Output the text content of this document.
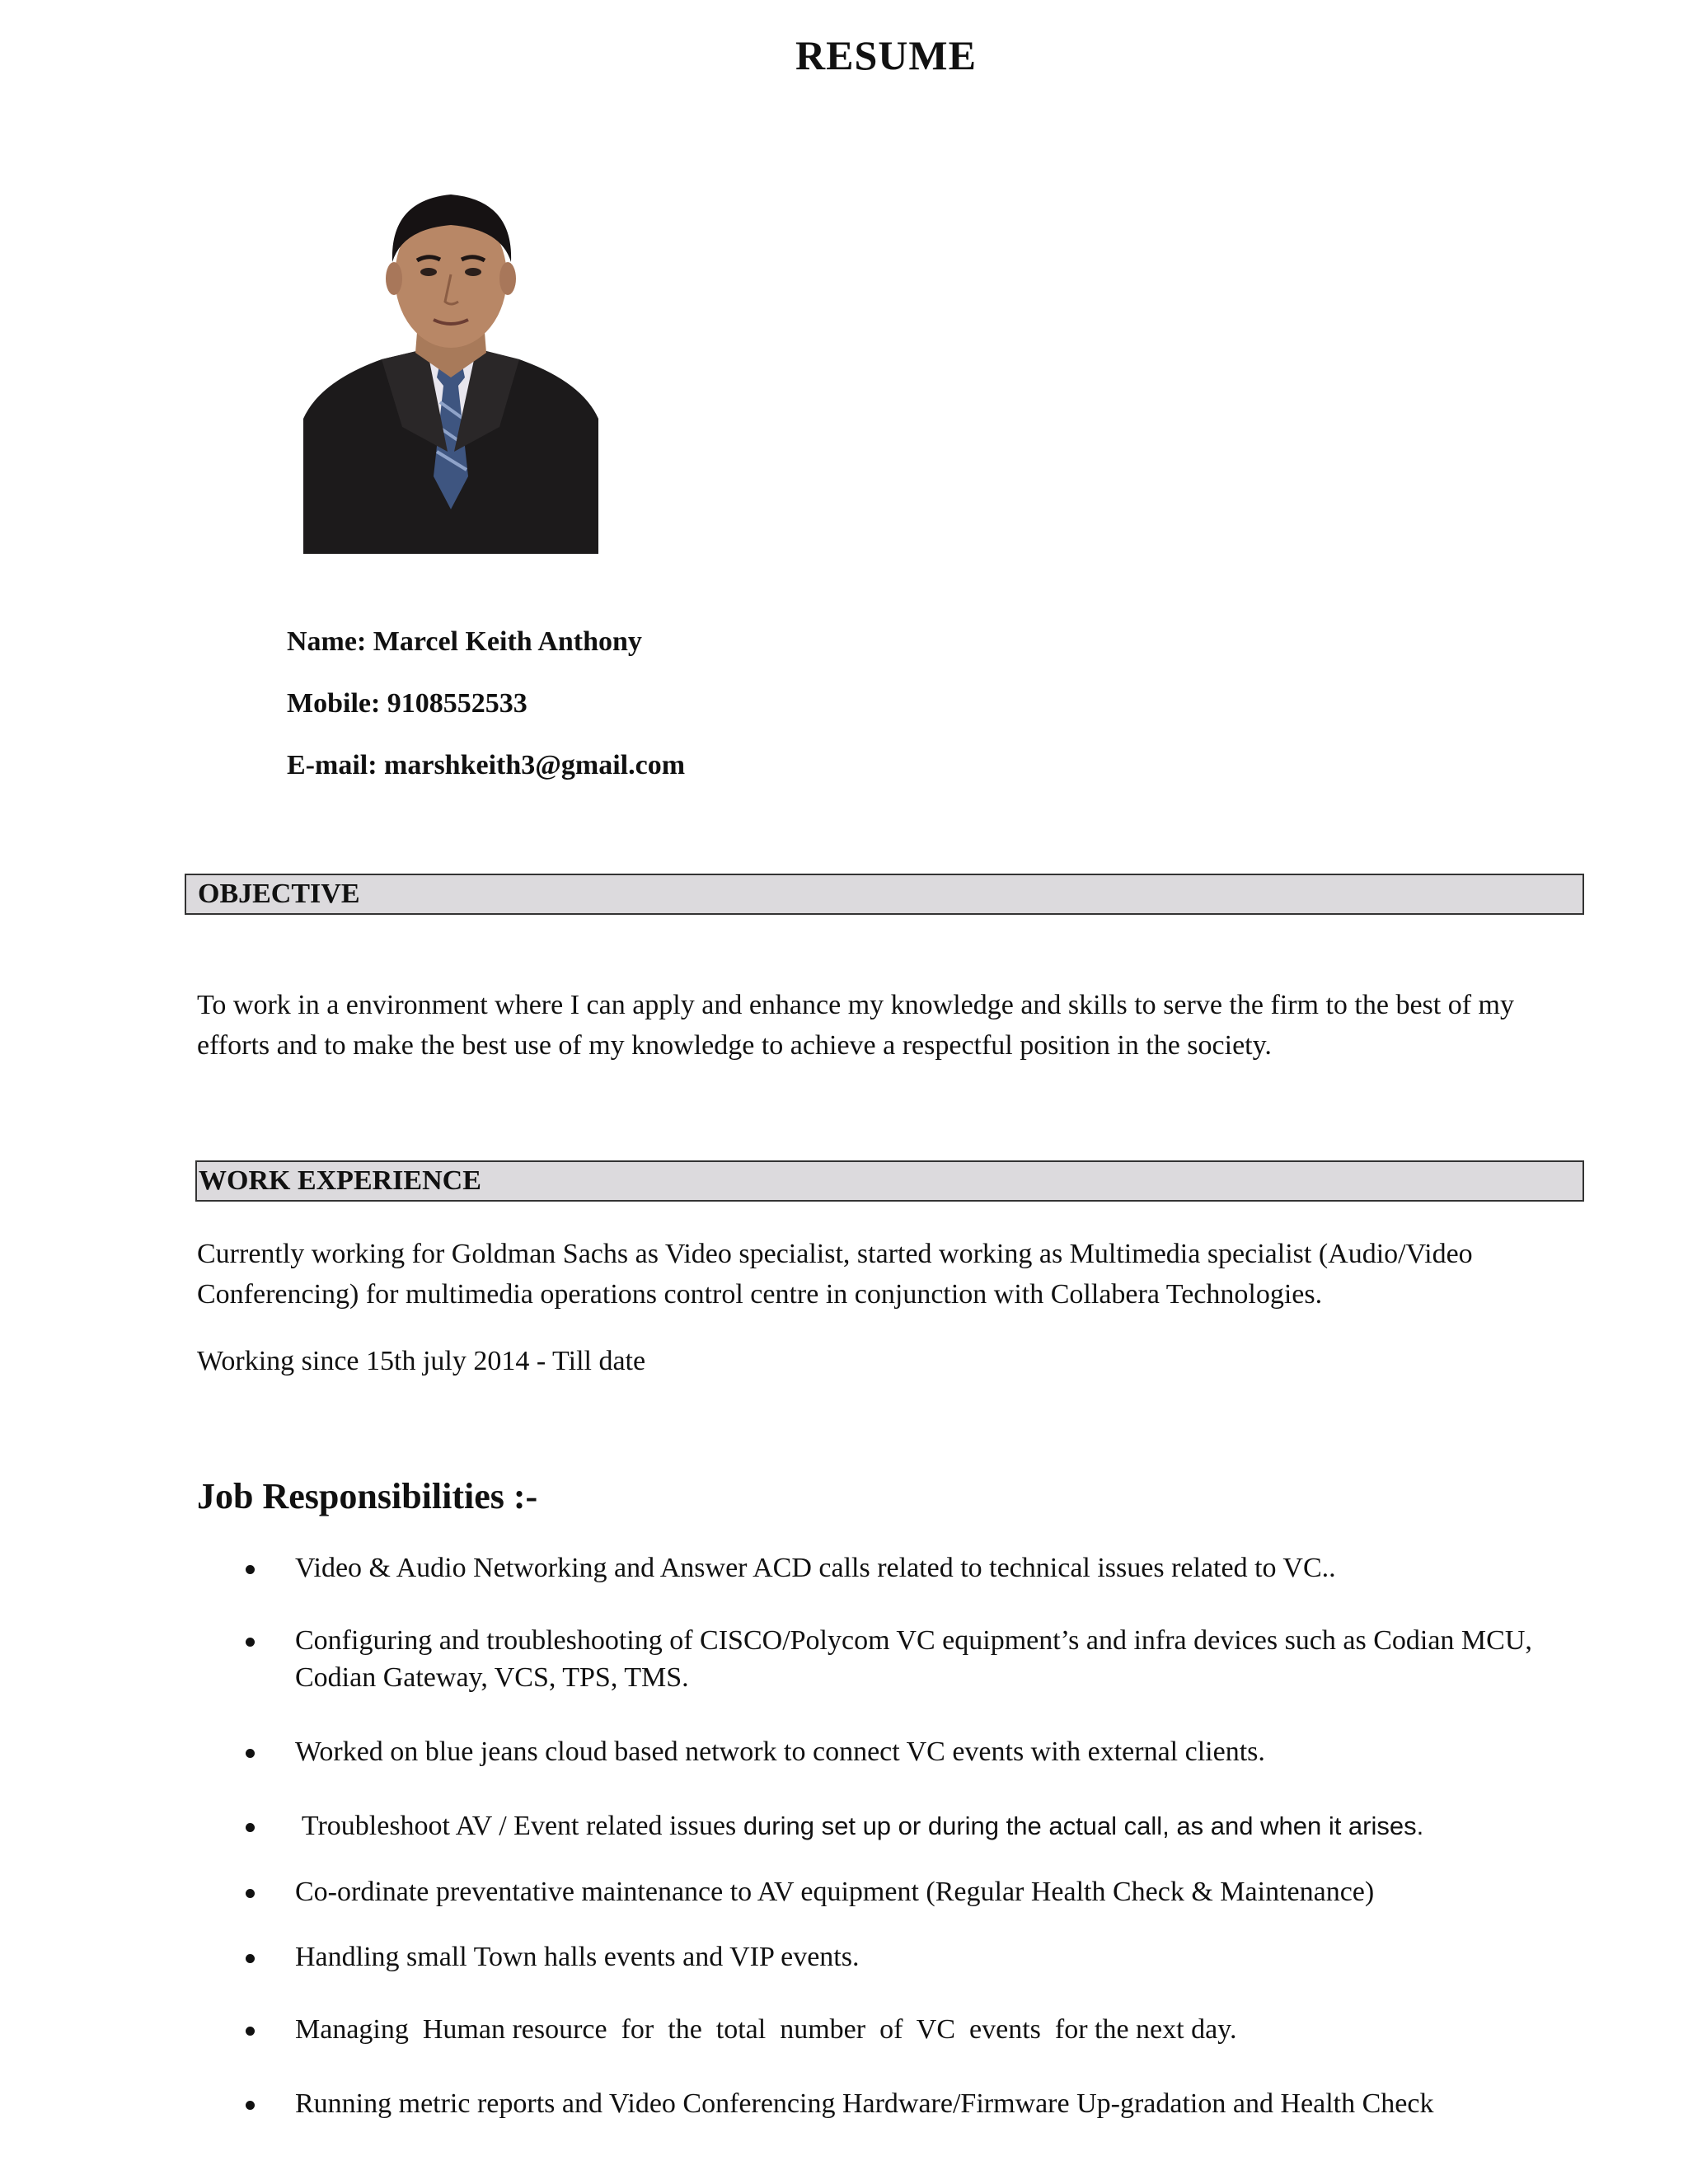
RESUME
Name: Marcel Keith Anthony
Mobile: 9108552533
E-mail: marshkeith3@gmail.com
OBJECTIVE
To work in a environment where I can apply and enhance my knowledge and skills to serve the firm to the best of my efforts and to make the best use of my knowledge to achieve a respectful position in the society.
WORK EXPERIENCE
Currently working for Goldman Sachs as Video specialist, started working as Multimedia specialist (Audio/Video Conferencing) for multimedia operations control centre in conjunction with Collabera Technologies.
Working since 15th july 2014 - Till date
Job Responsibilities :-
Video & Audio Networking and Answer ACD calls related to technical issues related to VC..
Configuring and troubleshooting of CISCO/Polycom VC equipment’s and infra devices such as Codian MCU, Codian Gateway, VCS, TPS, TMS.
Worked on blue jeans cloud based network to connect VC events with external clients.
Troubleshoot AV / Event related issues during set up or during the actual call, as and when it arises.
Co-ordinate preventative maintenance to AV equipment (Regular Health Check & Maintenance)
Handling small Town halls events and VIP events.
Managing  Human resource  for  the  total  number  of  VC  events  for the next day.
Running metric reports and Video Conferencing Hardware/Firmware Up-gradation and Health Check
